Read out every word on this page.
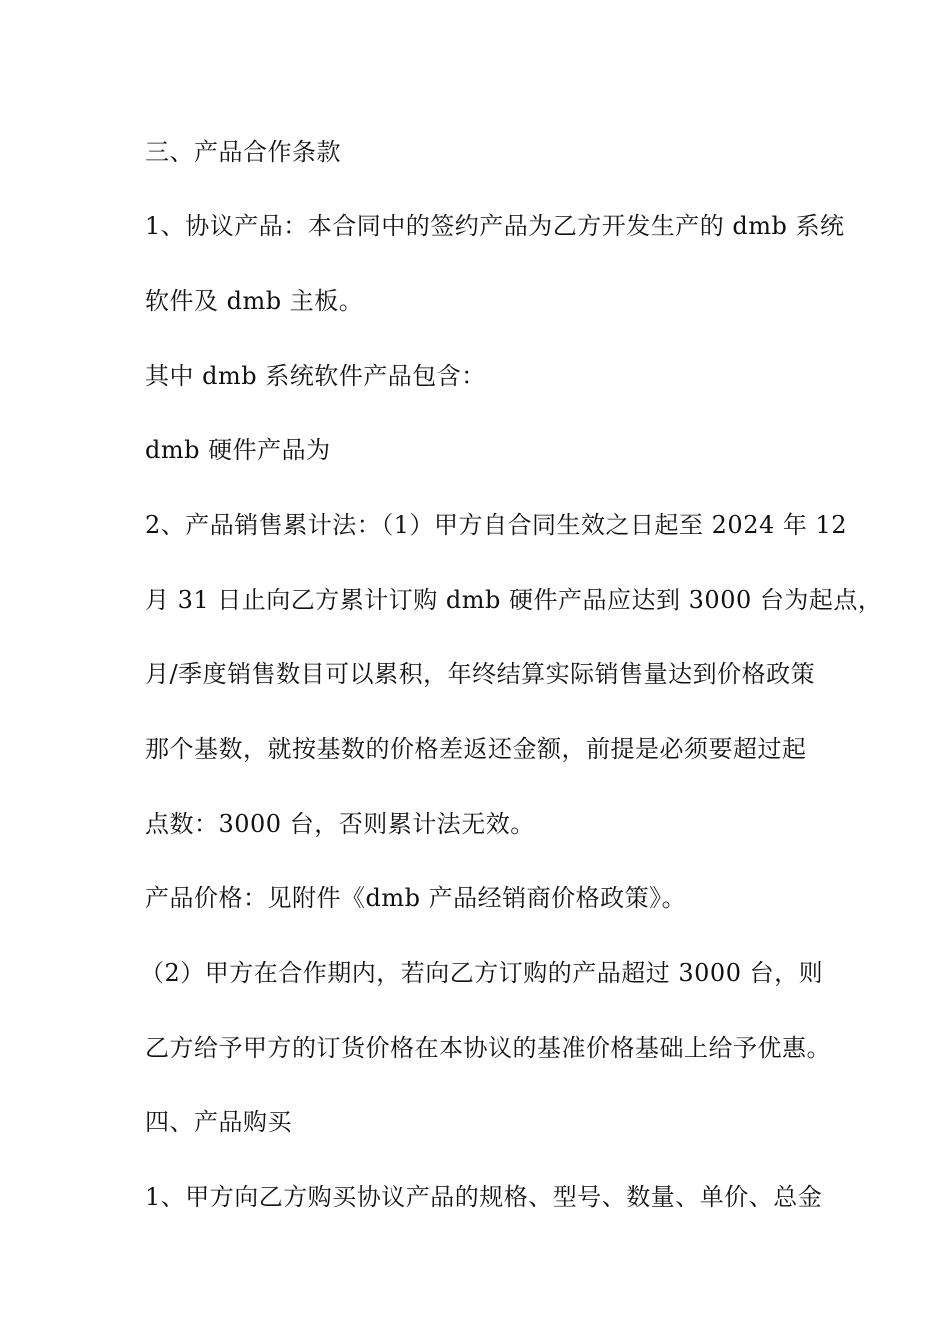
三、产品合作条款
1、协议产品：本合同中的签约产品为乙方开发生产的 dmb 系统
软件及 dmb 主板。
其中 dmb 系统软件产品包含：
dmb 硬件产品为
2、产品销售累计法：（1）甲方自合同生效之日起至 2024 年 12
月 31 日止向乙方累计订购 dmb 硬件产品应达到 3000 台为起点，
月/季度销售数目可以累积，年终结算实际销售量达到价格政策
那个基数，就按基数的价格差返还金额，前提是必须要超过起
点数：3000 台，否则累计法无效。
产品价格：见附件《dmb 产品经销商价格政策》。
（2）甲方在合作期内，若向乙方订购的产品超过 3000 台，则
乙方给予甲方的订货价格在本协议的基准价格基础上给予优惠。
四、产品购买
1、甲方向乙方购买协议产品的规格、型号、数量、单价、总金
